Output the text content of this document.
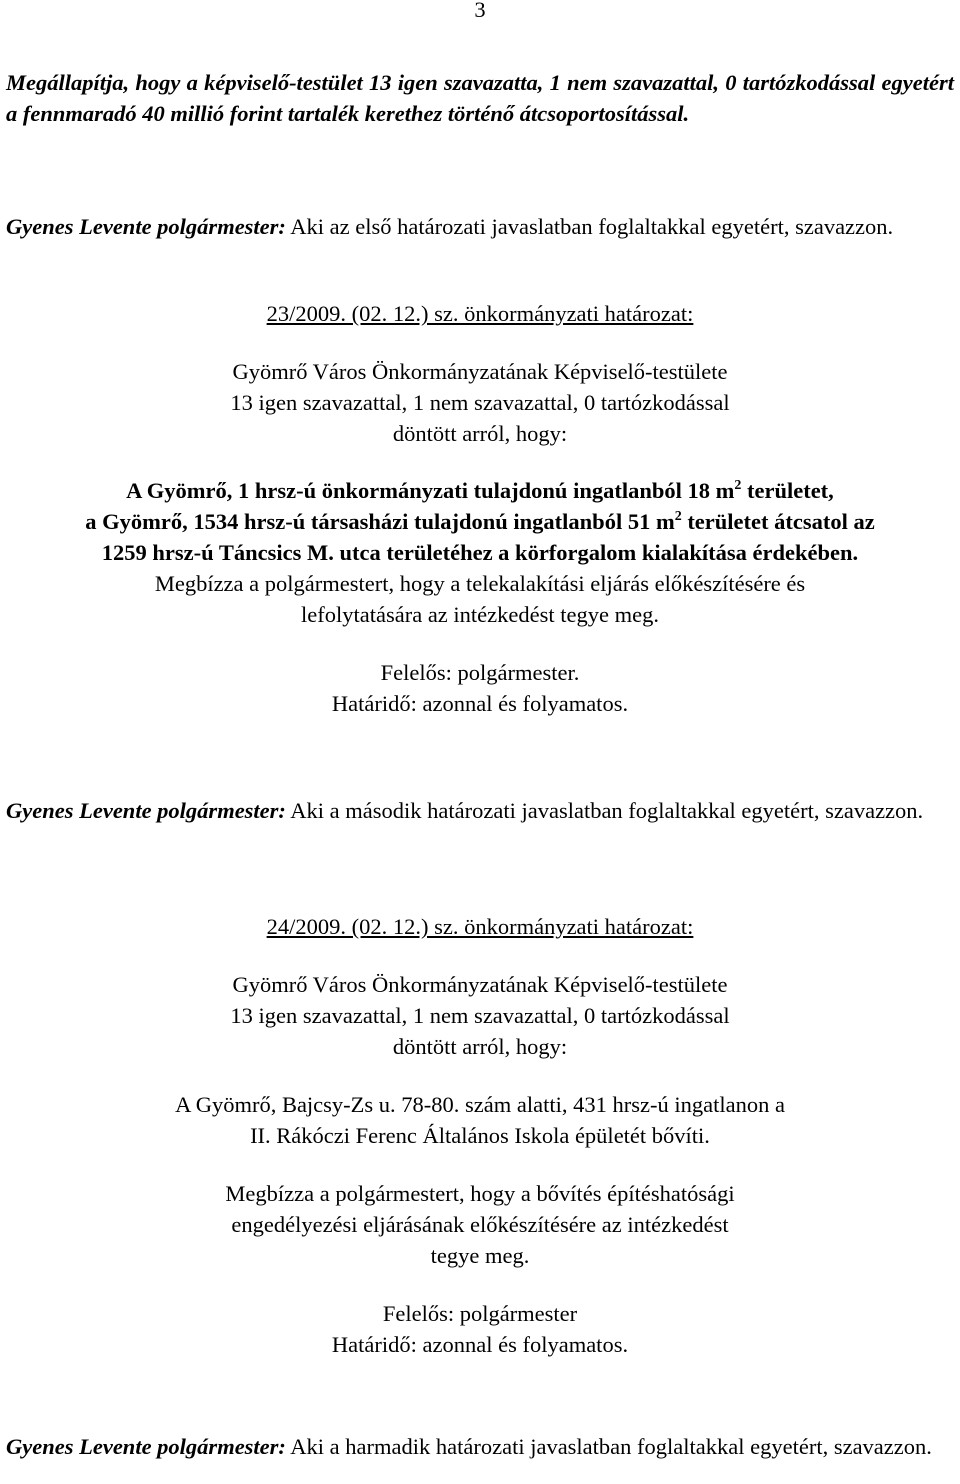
3

Megállapítja, hogy a képviselő-testület 13 igen szavazatta, 1 nem szavazattal, 0 tartózkodással egyetért a fennmaradó 40 millió forint tartalék kerethez történő átcsoportosítással.

Gyenes Levente polgármester: Aki az első határozati javaslatban foglaltakkal egyetért, szavazzon.

23/2009. (02. 12.) sz. önkormányzati határozat:
Gyömrő Város Önkormányzatának Képviselő-testülete
13 igen szavazattal, 1 nem szavazattal, 0 tartózkodással
döntött arról, hogy:
A Gyömrő, 1 hrsz-ú önkormányzati tulajdonú ingatlanból 18 $m^2$ területet,
a Gyömrő, 1534 hrsz-ú társasházi tulajdonú ingatlanból 51 $m^2$ területet átcsatol az
1259 hrsz-ú Táncsics M. utca területéhez a körforgalom kialakítása érdekében.
Megbízza a polgármestert, hogy a telekalakítási eljárás előkészítésére és
lefolytatására az intézkedést tegye meg.
Felelős: polgármester.
Határidő: azonnal és folyamatos.

Gyenes Levente polgármester: Aki a második határozati javaslatban foglaltakkal egyetért, szavazzon.

24/2009. (02. 12.) sz. önkormányzati határozat:
Gyömrő Város Önkormányzatának Képviselő-testülete
13 igen szavazattal, 1 nem szavazattal, 0 tartózkodással
döntött arról, hogy:
A Gyömrő, Bajcsy-Zs u. 78-80. szám alatti, 431 hrsz-ú ingatlanon a
II. Rákóczi Ferenc Általános Iskola épületét bővíti.
Megbízza a polgármestert, hogy a bővítés építéshatósági
engedélyezési eljárásának előkészítésére az intézkedést
tegye meg.
Felelős: polgármester
Határidő: azonnal és folyamatos.

Gyenes Levente polgármester: Aki a harmadik határozati javaslatban foglaltakkal egyetért, szavazzon.
